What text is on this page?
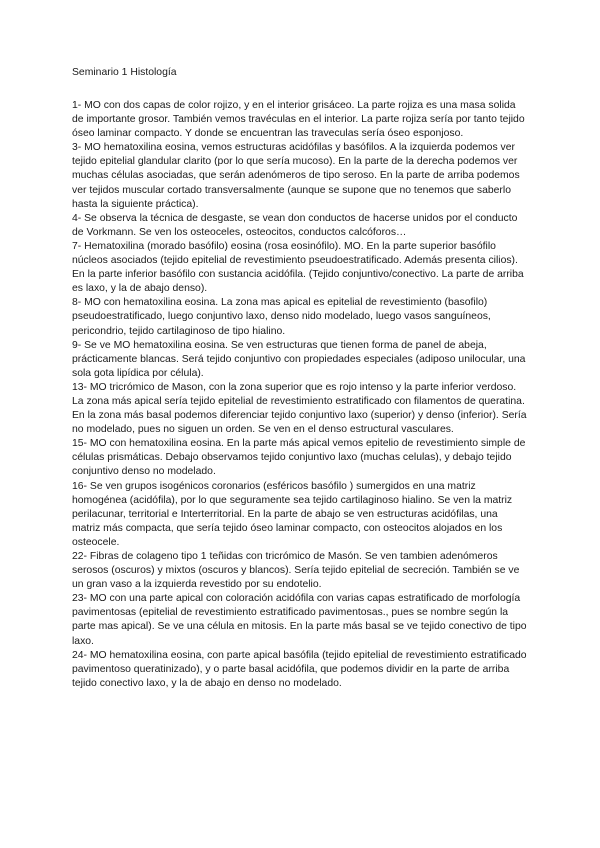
Seminario 1 Histología
1- MO con dos capas de color rojizo, y en el interior grisáceo. La parte rojiza es una masa solida de importante grosor. También vemos travéculas en el interior. La parte rojiza sería por tanto tejido óseo laminar compacto. Y donde se encuentran las traveculas sería óseo esponjoso.
3- MO hematoxilina eosina, vemos estructuras acidófilas y basófilos. A la izquierda podemos ver tejido epitelial glandular clarito (por lo que sería mucoso). En la parte de la derecha podemos ver muchas células asociadas, que serán adenómeros de tipo seroso. En la parte de arriba podemos ver tejidos muscular cortado transversalmente (aunque se supone que no tenemos que saberlo hasta la siguiente práctica).
4- Se observa la técnica de desgaste, se vean don conductos de hacerse unidos por el conducto de Vorkmann. Se ven los osteoceles, osteocitos, conductos calcóforos…
7- Hematoxilina (morado basófilo) eosina (rosa eosinófilo). MO. En la parte superior basófilo núcleos asociados (tejido epitelial de revestimiento pseudoestratificado. Además presenta cilios). En la parte inferior basófilo con sustancia acidófila. (Tejido conjuntivo/conectivo. La parte de arriba es laxo, y la de abajo denso).
8- MO con hematoxilina eosina. La zona mas apical es epitelial de revestimiento (basofilo) pseudoestratificado, luego conjuntivo laxo, denso nido modelado, luego vasos sanguíneos, pericondrio, tejido cartilaginoso de tipo hialino.
9- Se ve MO hematoxilina eosina. Se ven estructuras que tienen forma de panel de abeja, prácticamente blancas. Será tejido conjuntivo con propiedades especiales (adiposo unilocular, una sola gota lipídica por célula).
13- MO tricrómico de Mason, con la zona superior que es rojo intenso y la parte inferior verdoso. La zona más apical sería tejido epitelial de revestimiento estratificado con filamentos de queratina. En la zona más basal podemos diferenciar tejido conjuntivo laxo (superior) y denso (inferior). Sería no modelado, pues no siguen un orden. Se ven en el denso estructural vasculares.
15- MO con hematoxilina eosina. En la parte más apical vemos epitelio de revestimiento simple de células prismáticas. Debajo observamos tejido conjuntivo laxo (muchas celulas), y debajo tejido conjuntivo denso no modelado.
16- Se ven grupos isogénicos coronarios (esféricos basófilo ) sumergidos en una matriz homogénea (acidófila), por lo que seguramente sea tejido cartilaginoso hialino. Se ven la matriz perilacunar, territorial e Interterritorial. En la parte de abajo se ven estructuras acidófilas, una matriz más compacta, que sería tejido óseo laminar compacto, con osteocitos alojados en los osteocele.
22- Fibras de colageno tipo 1 teñidas con tricrómico de Masón. Se ven tambien adenómeros serosos (oscuros) y mixtos (oscuros y blancos). Sería tejido epitelial de secreción. También se ve un gran vaso a la izquierda revestido por su endotelio.
23- MO con una parte apical con coloración acidófila con varias capas estratificado de morfología pavimentosas (epitelial de revestimiento estratificado pavimentosas., pues se nombre según la parte mas apical). Se ve una célula en mitosis. En la parte más basal se ve tejido conectivo de tipo laxo.
24- MO hematoxilina eosina, con parte apical basófila (tejido epitelial de revestimiento estratificado pavimentoso queratinizado), y o parte basal acidófila, que podemos dividir en la parte de arriba tejido conectivo laxo, y la de abajo en denso no modelado.
